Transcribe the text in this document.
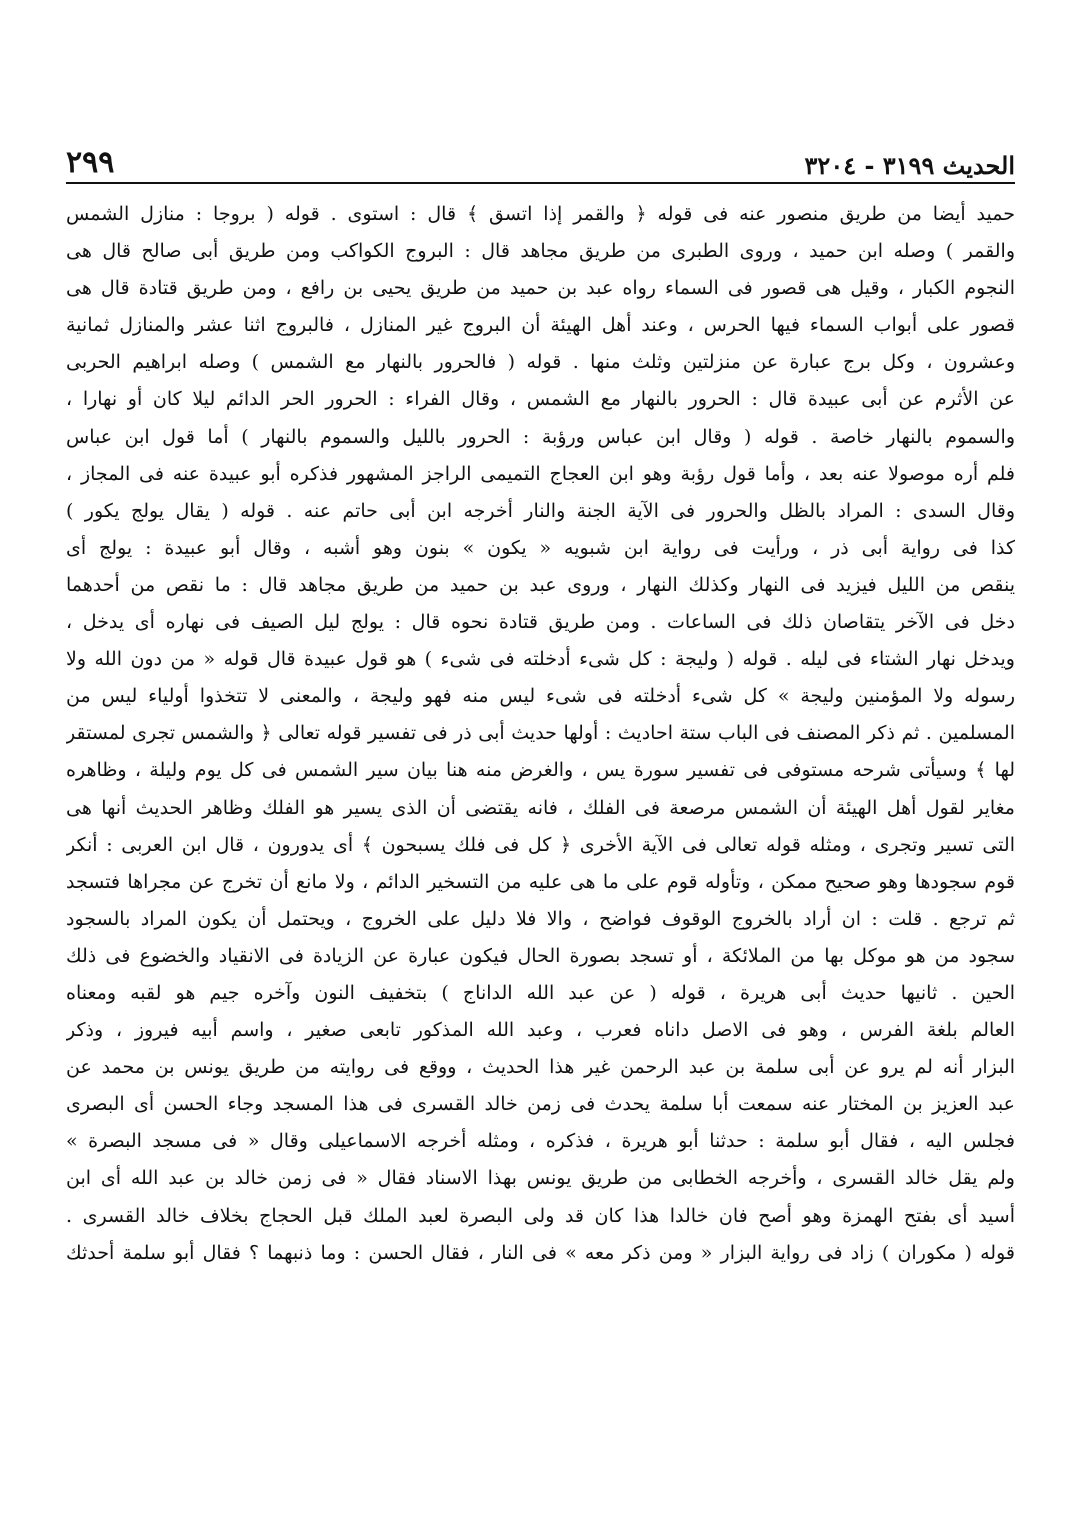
الحديث ٣١٩٩ - ٣٢٠٤
٢٩٩
حميد أيضا من طريق منصور عنه فى قوله ﴿ والقمر إذا اتسق ﴾ قال : استوى . قوله ( بروجا : منازل الشمس
والقمر ) وصله ابن حميد ، وروى الطبرى من طريق مجاهد قال : البروج الكواكب ومن طريق أبى صالح قال هى
النجوم الكبار ، وقيل هى قصور فى السماء رواه عبد بن حميد من طريق يحيى بن رافع ، ومن طريق قتادة قال هى
قصور على أبواب السماء فيها الحرس ، وعند أهل الهيئة أن البروج غير المنازل ، فالبروج اثنا عشر والمنازل ثمانية
وعشرون ، وكل برج عبارة عن منزلتين وثلث منها . قوله ( فالحرور بالنهار مع الشمس ) وصله ابراهيم الحربى
عن الأثرم عن أبى عبيدة قال : الحرور بالنهار مع الشمس ، وقال الفراء : الحرور الحر الدائم ليلا كان أو نهارا ،
والسموم بالنهار خاصة . قوله ( وقال ابن عباس ورؤبة : الحرور بالليل والسموم بالنهار ) أما قول ابن عباس
فلم أره موصولا عنه بعد ، وأما قول رؤبة وهو ابن العجاج التميمى الراجز المشهور فذكره أبو عبيدة عنه فى المجاز ،
وقال السدى : المراد بالظل والحرور فى الآية الجنة والنار أخرجه ابن أبى حاتم عنه . قوله ( يقال يولج يكور )
كذا فى رواية أبى ذر ، ورأيت فى رواية ابن شبويه « يكون » بنون وهو أشبه ، وقال أبو عبيدة : يولج أى
ينقص من الليل فيزيد فى النهار وكذلك النهار ، وروى عبد بن حميد من طريق مجاهد قال : ما نقص من أحدهما
دخل فى الآخر يتقاصان ذلك فى الساعات . ومن طريق قتادة نحوه قال : يولج ليل الصيف فى نهاره أى يدخل ،
ويدخل نهار الشتاء فى ليله . قوله ( وليجة : كل شىء أدخلته فى شىء ) هو قول عبيدة قال قوله « من دون الله ولا
رسوله ولا المؤمنين وليجة » كل شىء أدخلته فى شىء ليس منه فهو وليجة ، والمعنى لا تتخذوا أولياء ليس من
المسلمين . ثم ذكر المصنف فى الباب ستة احاديث : أولها حديث أبى ذر فى تفسير قوله تعالى ﴿ والشمس تجرى لمستقر
لها ﴾ وسيأتى شرحه مستوفى فى تفسير سورة يس ، والغرض منه هنا بيان سير الشمس فى كل يوم وليلة ، وظاهره
مغاير لقول أهل الهيئة أن الشمس مرصعة فى الفلك ، فانه يقتضى أن الذى يسير هو الفلك وظاهر الحديث أنها هى
التى تسير وتجرى ، ومثله قوله تعالى فى الآية الأخرى ﴿ كل فى فلك يسبحون ﴾ أى يدورون ، قال ابن العربى : أنكر
قوم سجودها وهو صحيح ممكن ، وتأوله قوم على ما هى عليه من التسخير الدائم ، ولا مانع أن تخرج عن مجراها فتسجد
ثم ترجع . قلت : ان أراد بالخروج الوقوف فواضح ، والا فلا دليل على الخروج ، ويحتمل أن يكون المراد بالسجود
سجود من هو موكل بها من الملائكة ، أو تسجد بصورة الحال فيكون عبارة عن الزيادة فى الانقياد والخضوع فى ذلك
الحين . ثانيها حديث أبى هريرة ، قوله ( عن عبد الله الداناج ) بتخفيف النون وآخره جيم هو لقبه ومعناه
العالم بلغة الفرس ، وهو فى الاصل داناه فعرب ، وعبد الله المذكور تابعى صغير ، واسم أبيه فيروز ، وذكر
البزار أنه لم يرو عن أبى سلمة بن عبد الرحمن غير هذا الحديث ، ووقع فى روايته من طريق يونس بن محمد عن
عبد العزيز بن المختار عنه سمعت أبا سلمة يحدث فى زمن خالد القسرى فى هذا المسجد وجاء الحسن أى البصرى
فجلس اليه ، فقال أبو سلمة : حدثنا أبو هريرة ، فذكره ، ومثله أخرجه الاسماعيلى وقال « فى مسجد البصرة »
ولم يقل خالد القسرى ، وأخرجه الخطابى من طريق يونس بهذا الاسناد فقال « فى زمن خالد بن عبد الله أى ابن
أسيد أى بفتح الهمزة وهو أصح فان خالدا هذا كان قد ولى البصرة لعبد الملك قبل الحجاج بخلاف خالد القسرى .
قوله ( مكوران ) زاد فى رواية البزار « ومن ذكر معه » فى النار ، فقال الحسن : وما ذنبهما ؟ فقال أبو سلمة أحدثك
